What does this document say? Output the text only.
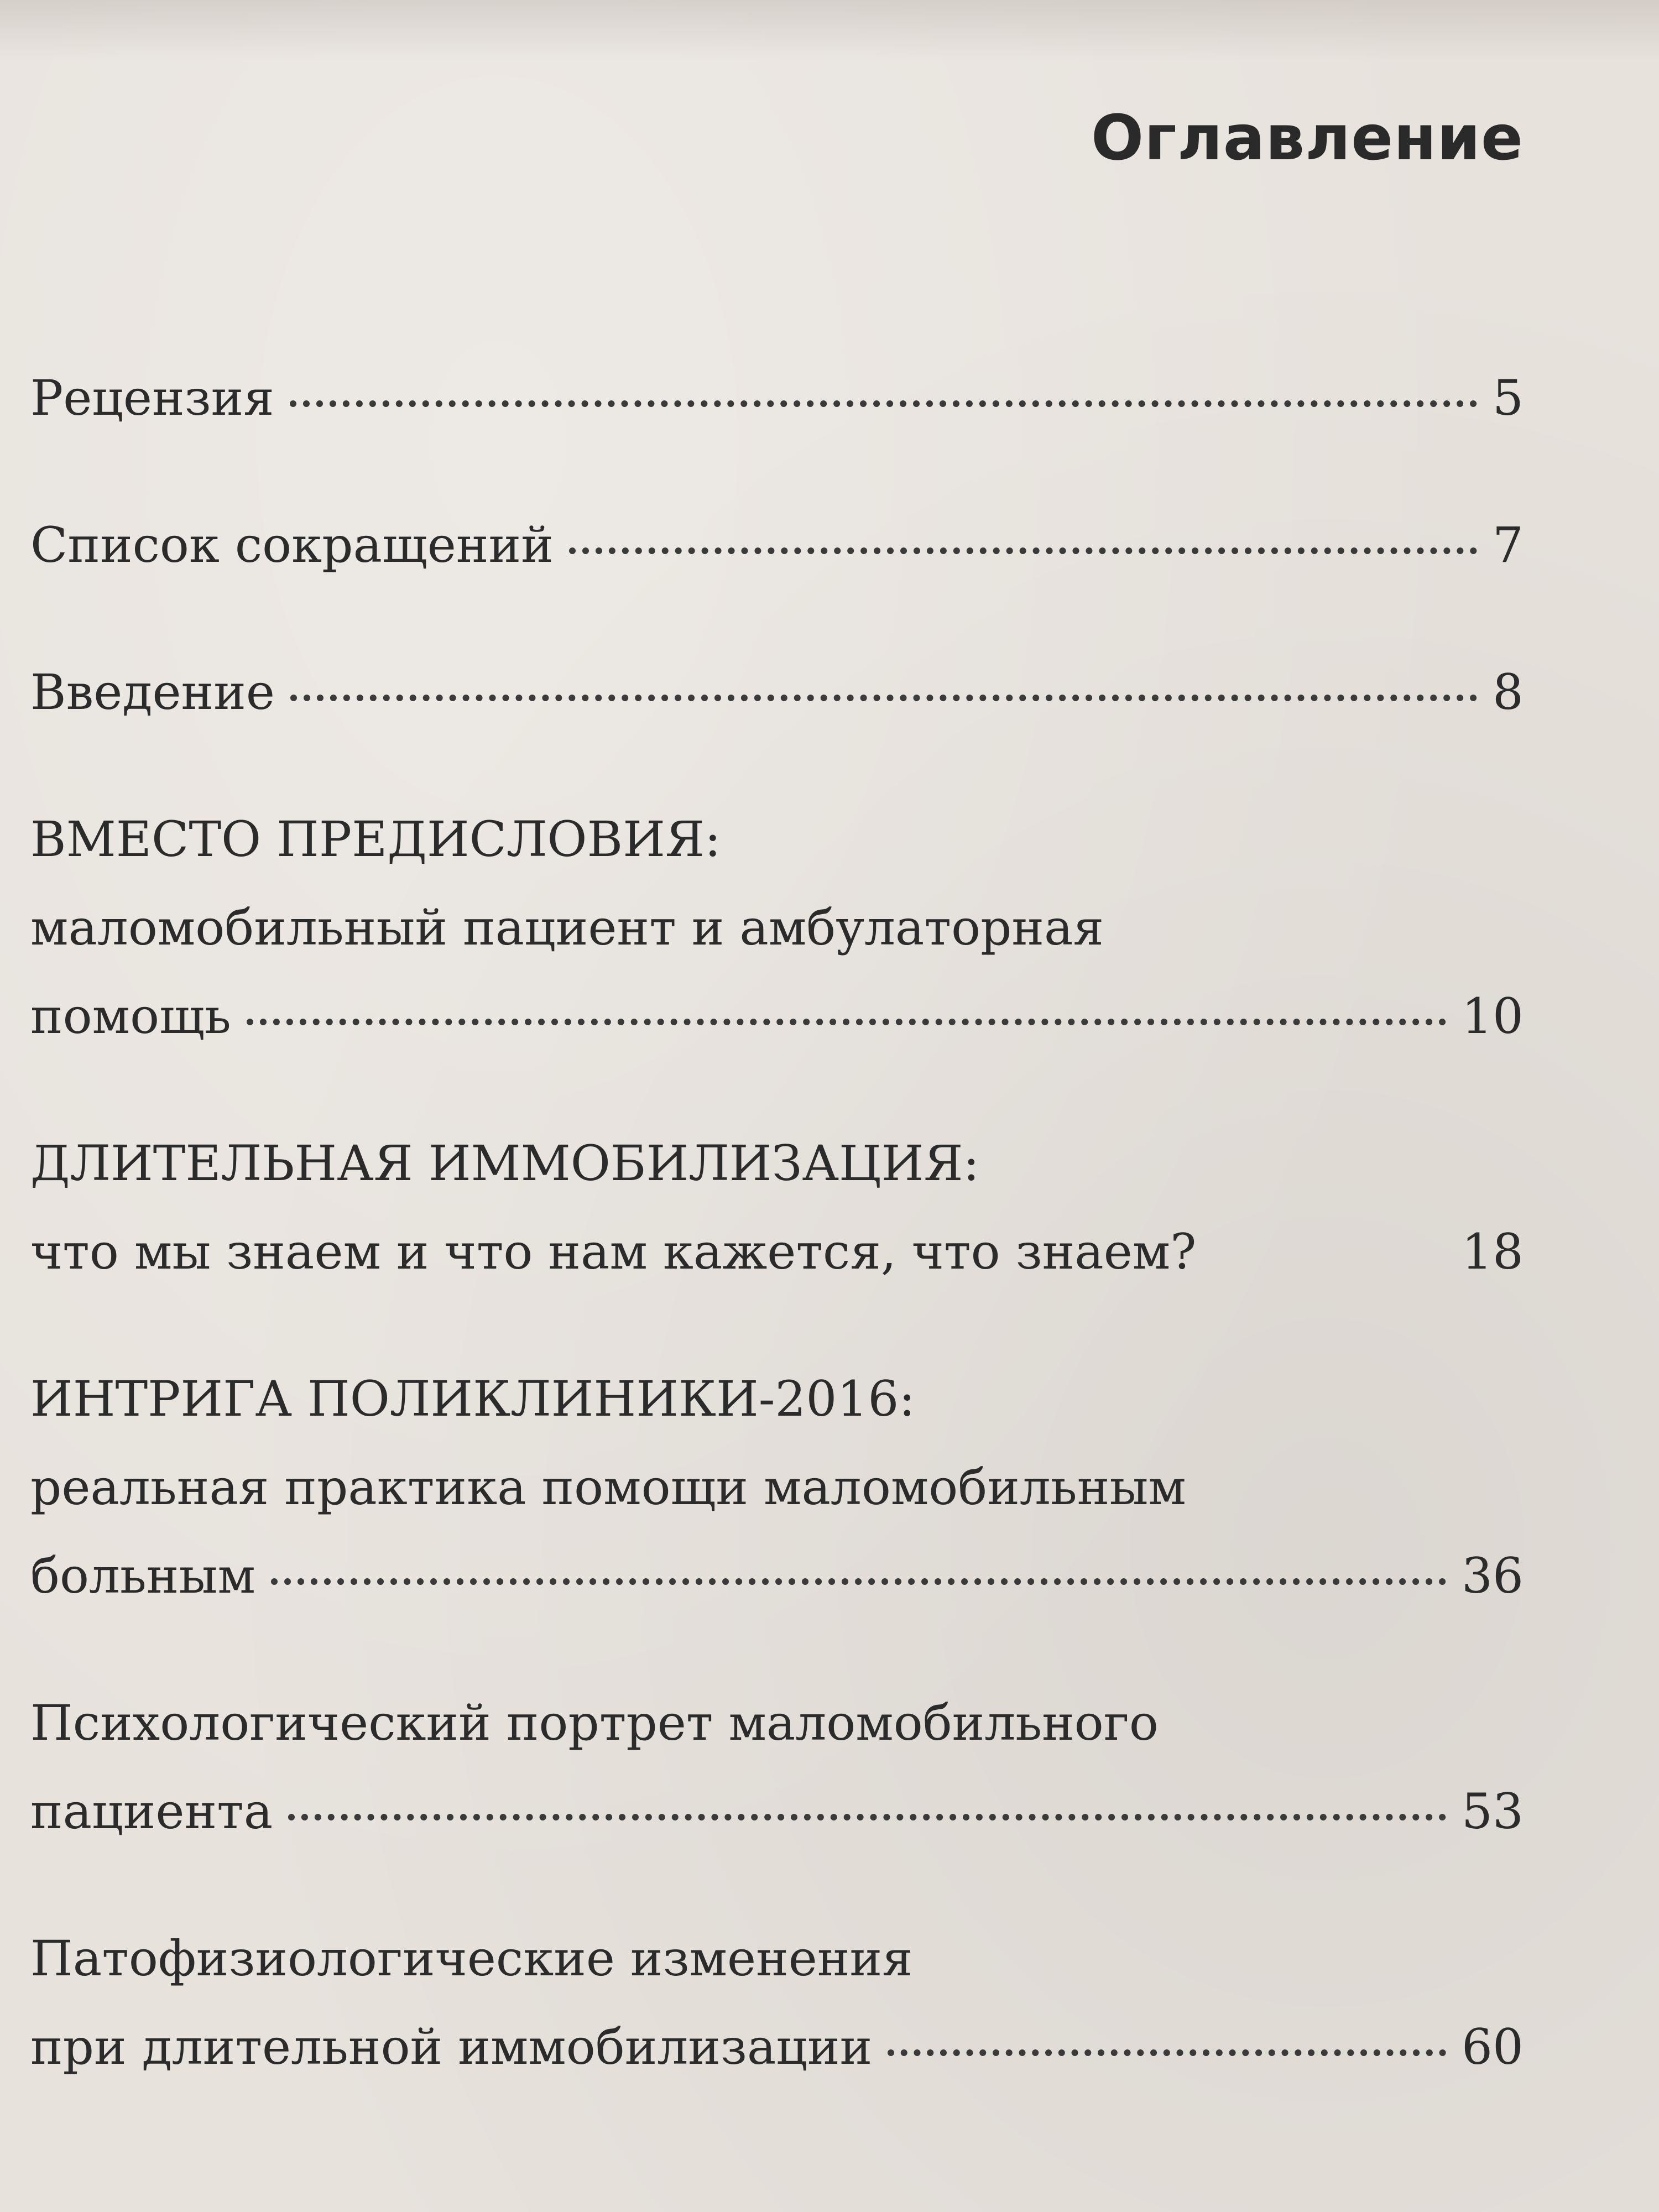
Оглавление
Рецензия	5
Список сокращений	7
Введение	8
ВМЕСТО ПРЕДИСЛОВИЯ:
маломобильный пациент и амбулаторная
помощь	10
ДЛИТЕЛЬНАЯ ИММОБИЛИЗАЦИЯ:
что мы знаем и что нам кажется, что знаем?	18
ИНТРИГА ПОЛИКЛИНИКИ-2016:
реальная практика помощи маломобильным
больным	36
Психологический портрет маломобильного
пациента	53
Патофизиологические изменения
при длительной иммобилизации	60
